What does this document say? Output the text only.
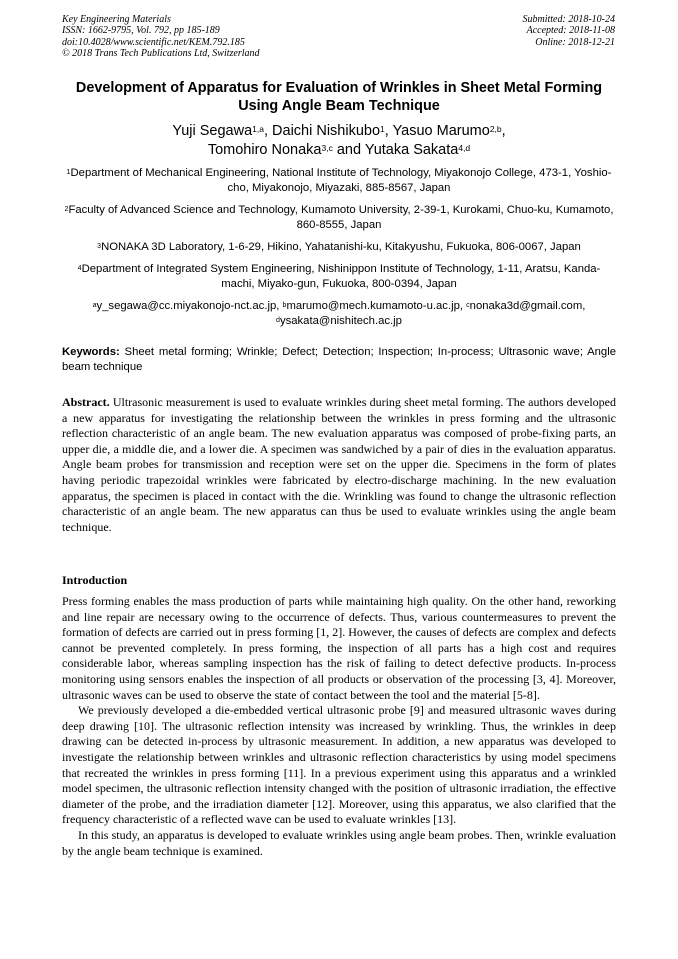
Key Engineering Materials
ISSN: 1662-9795, Vol. 792, pp 185-189
doi:10.4028/www.scientific.net/KEM.792.185
© 2018 Trans Tech Publications Ltd, Switzerland
Submitted: 2018-10-24
Accepted: 2018-11-08
Online: 2018-12-21
Development of Apparatus for Evaluation of Wrinkles in Sheet Metal Forming Using Angle Beam Technique
Yuji Segawa$^{1,a}$, Daichi Nishikubo$^1$, Yasuo Marumo$^{2,b}$,
Tomohiro Nonaka$^{3,c}$ and Yutaka Sakata$^{4,d}$
$^1$Department of Mechanical Engineering, National Institute of Technology, Miyakonojo College, 473-1, Yoshio-cho, Miyakonojo, Miyazaki, 885-8567, Japan
$^2$Faculty of Advanced Science and Technology, Kumamoto University, 2-39-1, Kurokami, Chuo-ku, Kumamoto, 860-8555, Japan
$^3$NONAKA 3D Laboratory, 1-6-29, Hikino, Yahatanishi-ku, Kitakyushu, Fukuoka, 806-0067, Japan
$^4$Department of Integrated System Engineering, Nishinippon Institute of Technology, 1-11, Aratsu, Kanda-machi, Miyako-gun, Fukuoka, 800-0394, Japan
$^a$y_segawa@cc.miyakonojo-nct.ac.jp, $^b$marumo@mech.kumamoto-u.ac.jp, $^c$nonaka3d@gmail.com,
$^d$ysakata@nishitech.ac.jp
Keywords: Sheet metal forming; Wrinkle; Defect; Detection; Inspection; In-process; Ultrasonic wave; Angle beam technique
Abstract. Ultrasonic measurement is used to evaluate wrinkles during sheet metal forming. The authors developed a new apparatus for investigating the relationship between the wrinkles in press forming and the ultrasonic reflection characteristic of an angle beam. The new evaluation apparatus was composed of probe-fixing parts, an upper die, a middle die, and a lower die. A specimen was sandwiched by a pair of dies in the evaluation apparatus. Angle beam probes for transmission and reception were set on the upper die. Specimens in the form of plates having periodic trapezoidal wrinkles were fabricated by electro-discharge machining. In the new evaluation apparatus, the specimen is placed in contact with the die. Wrinkling was found to change the ultrasonic reflection characteristic of an angle beam. The new apparatus can thus be used to evaluate wrinkles using the angle beam technique.
Introduction

Press forming enables the mass production of parts while maintaining high quality. On the other hand, reworking and line repair are necessary owing to the occurrence of defects. Thus, various countermeasures to prevent the formation of defects are carried out in press forming [1, 2]. However, the causes of defects are complex and defects cannot be prevented completely. In press forming, the inspection of all parts has a high cost and requires considerable labor, whereas sampling inspection has the risk of failing to detect defective products. In-process monitoring using sensors enables the inspection of all products or observation of the processing [3, 4]. Moreover, ultrasonic waves can be used to observe the state of contact between the tool and the material [5-8].

We previously developed a die-embedded vertical ultrasonic probe [9] and measured ultrasonic waves during deep drawing [10]. The ultrasonic reflection intensity was increased by wrinkling. Thus, the wrinkles in deep drawing can be detected in-process by ultrasonic measurement. In addition, a new apparatus was developed to investigate the relationship between wrinkles and ultrasonic reflection characteristics by using model specimens that recreated the wrinkles in press forming [11]. In a previous experiment using this apparatus and a wrinkled model specimen, the ultrasonic reflection intensity changed with the position of ultrasonic irradiation, the effective diameter of the probe, and the irradiation diameter [12]. Moreover, using this apparatus, we also clarified that the frequency characteristic of a reflected wave can be used to evaluate wrinkles [13].

In this study, an apparatus is developed to evaluate wrinkles using angle beam probes. Then, wrinkle evaluation by the angle beam technique is examined.
